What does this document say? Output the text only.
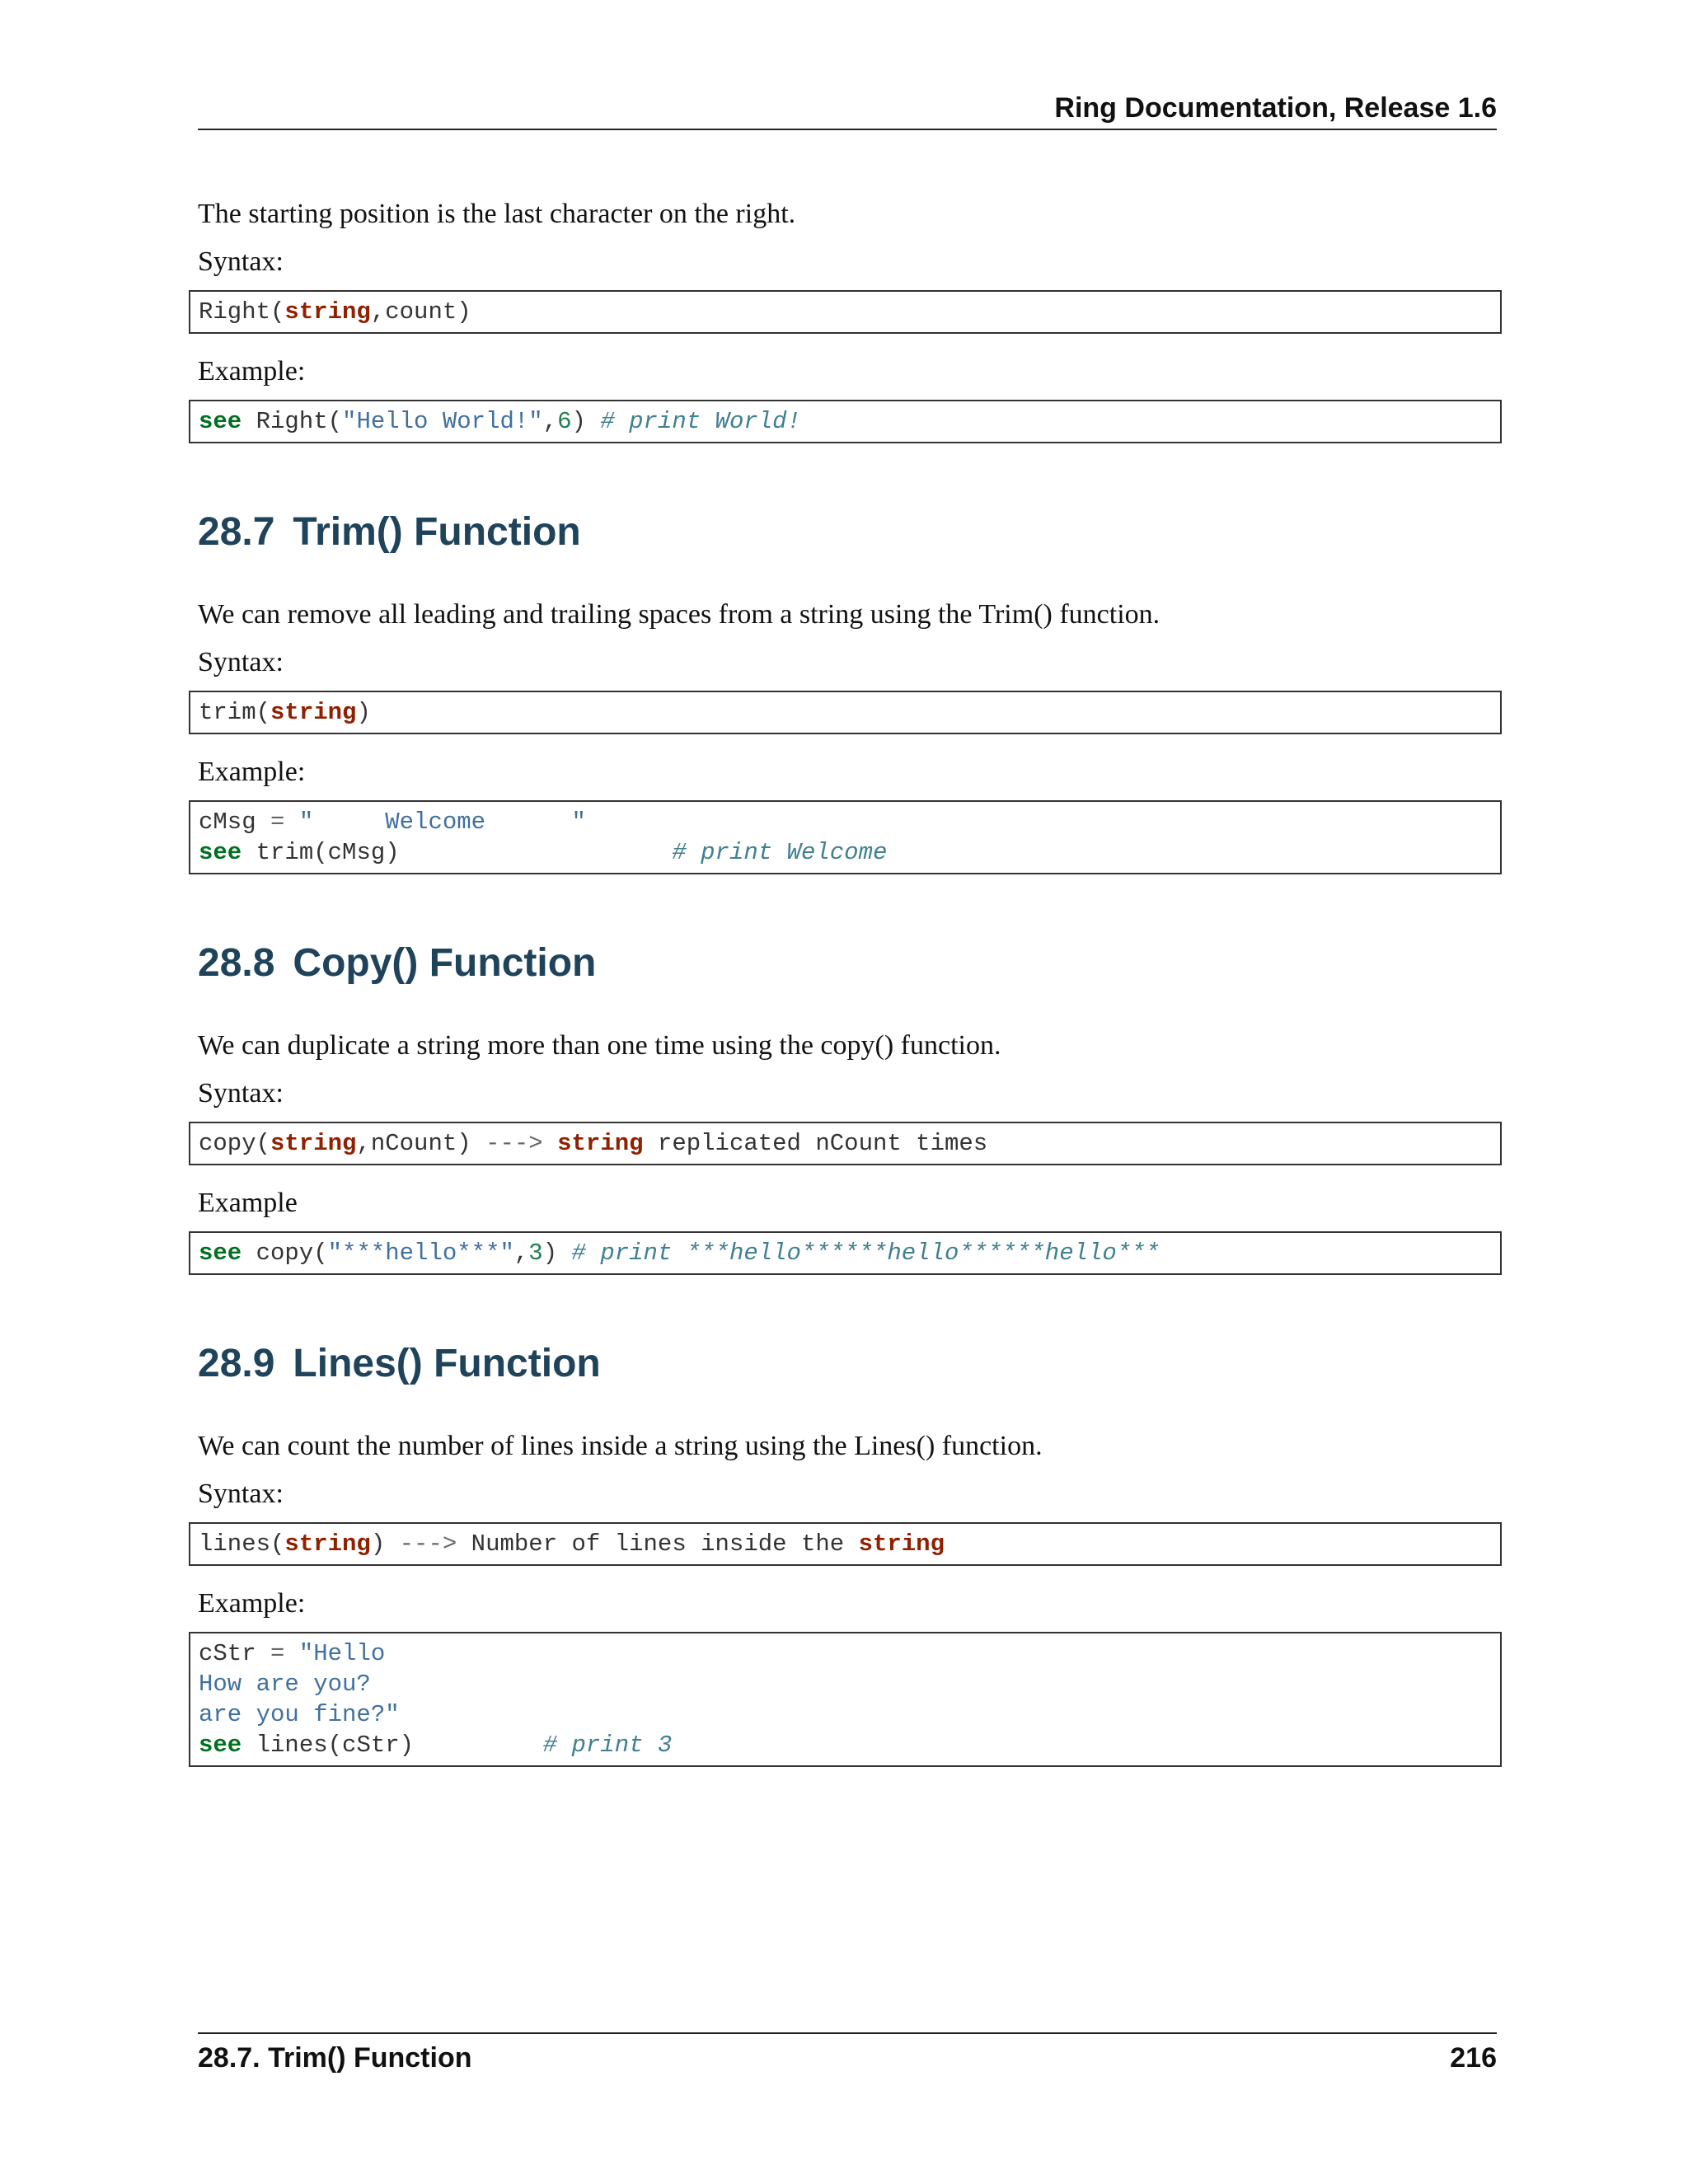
Ring Documentation, Release 1.6

The starting position is the last character on the right.

Syntax:

Right(string,count)

Example:

see Right("Hello World!",6) # print World!
28.7 Trim() Function

We can remove all leading and trailing spaces from a string using the Trim() function.

Syntax:

trim(string)

Example:

cMsg = "     Welcome      "
see trim(cMsg)                   # print Welcome
28.8 Copy() Function

We can duplicate a string more than one time using the copy() function.

Syntax:

copy(string,nCount) ---> string replicated nCount times

Example

see copy("***hello***",3) # print ***hello******hello******hello***
28.9 Lines() Function

We can count the number of lines inside a string using the Lines() function.

Syntax:

lines(string) ---> Number of lines inside the string

Example:

cStr = "Hello
How are you?
are you fine?"
see lines(cStr)         # print 3
28.7. Trim() Function	216
